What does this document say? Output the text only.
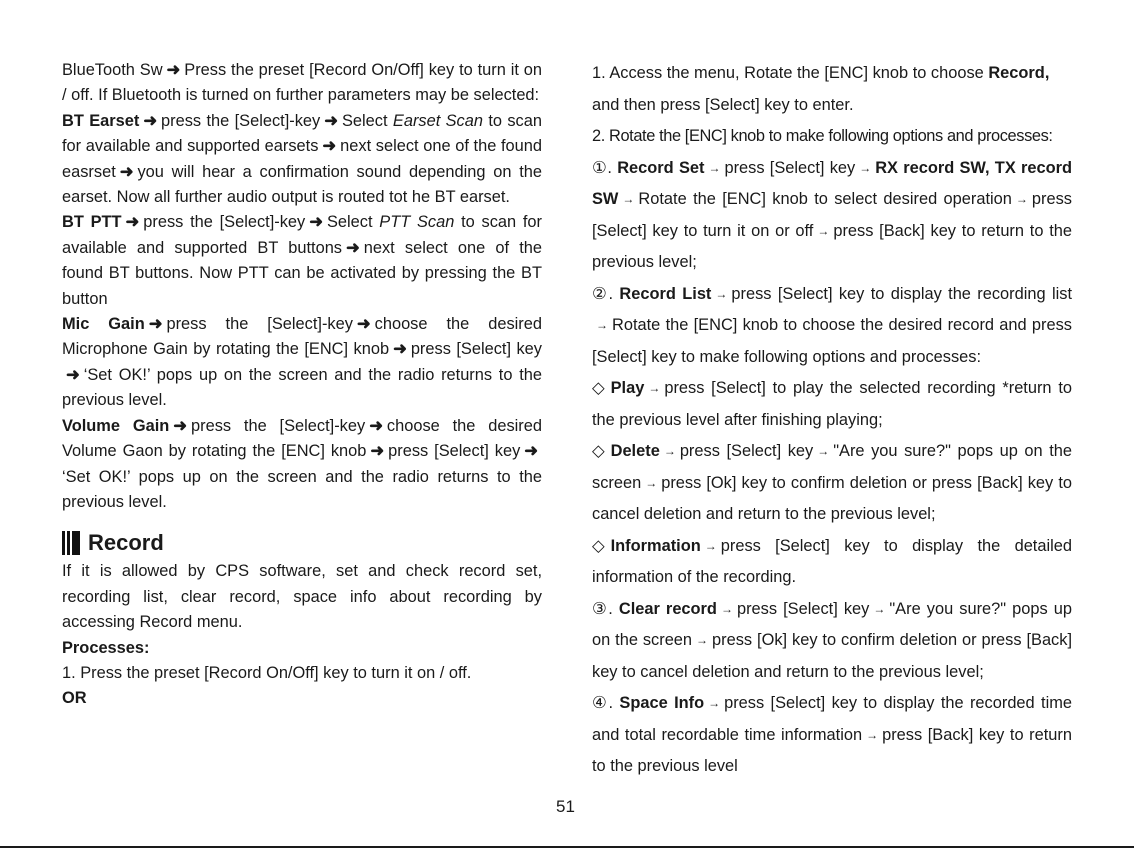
BlueTooth Sw ➜ Press the preset [Record On/Off] key to turn it on / off. If Bluetooth is turned on further parameters may be selected:

BT Earset ➜ press the [Select]-key ➜ Select Earset Scan to scan for available and supported earsets ➜ next select one of the found easrset ➜ you will hear a confirmation sound depending on the earset. Now all further audio output is routed tot he BT earset.

BT PTT ➜ press the [Select]-key ➜ Select PTT Scan to scan for available and supported BT buttons ➜ next select one of the found BT buttons. Now PTT can be activated by pressing the BT button

Mic Gain ➜ press the [Select]-key ➜ choose the desired Microphone Gain by rotating the [ENC] knob ➜ press [Select] key➜ ‘Set OK!’ pops up on the screen and the radio returns to the previous level.

Volume Gain ➜ press the [Select]-key ➜ choose the desired Volume Gaon by rotating the [ENC] knob ➜ press [Select] key ➜‘Set OK!’ pops up on the screen and the radio returns to the previous level.

Record

If it is allowed by CPS software, set and check record set, recording list, clear record, space info about recording by accessing Record menu.

Processes:

1. Press the preset [Record On/Off] key to turn it on / off.

OR

1. Access the menu, Rotate the [ENC] knob to choose Record, and then press [Select] key to enter.

2. Rotate the [ENC] knob to make following options and processes:

①. Record Set → press [Select] key → RX record SW, TX record SW → Rotate the [ENC] knob to select desired operation → press [Select] key to turn it on or off → press [Back] key to return to the previous level;

②. Record List → press [Select] key to display the recording list→ Rotate the [ENC] knob to choose the desired record and press [Select] key to make following options and processes:

◇ Play → press [Select] to play the selected recording *return to the previous level after finishing playing;

◇ Delete → press [Select] key → "Are you sure?" pops up on the screen → press [Ok] key to confirm deletion or press [Back] key to cancel deletion and return to the previous level;

◇ Information → press [Select] key to display the detailed information of the recording.

③. Clear record → press [Select] key → "Are you sure?" pops up on the screen → press [Ok] key to confirm deletion or press [Back] key to cancel deletion and return to the previous level;

④. Space Info → press [Select] key to display the recorded time and total recordable time information → press [Back] key to return to the previous level

51
